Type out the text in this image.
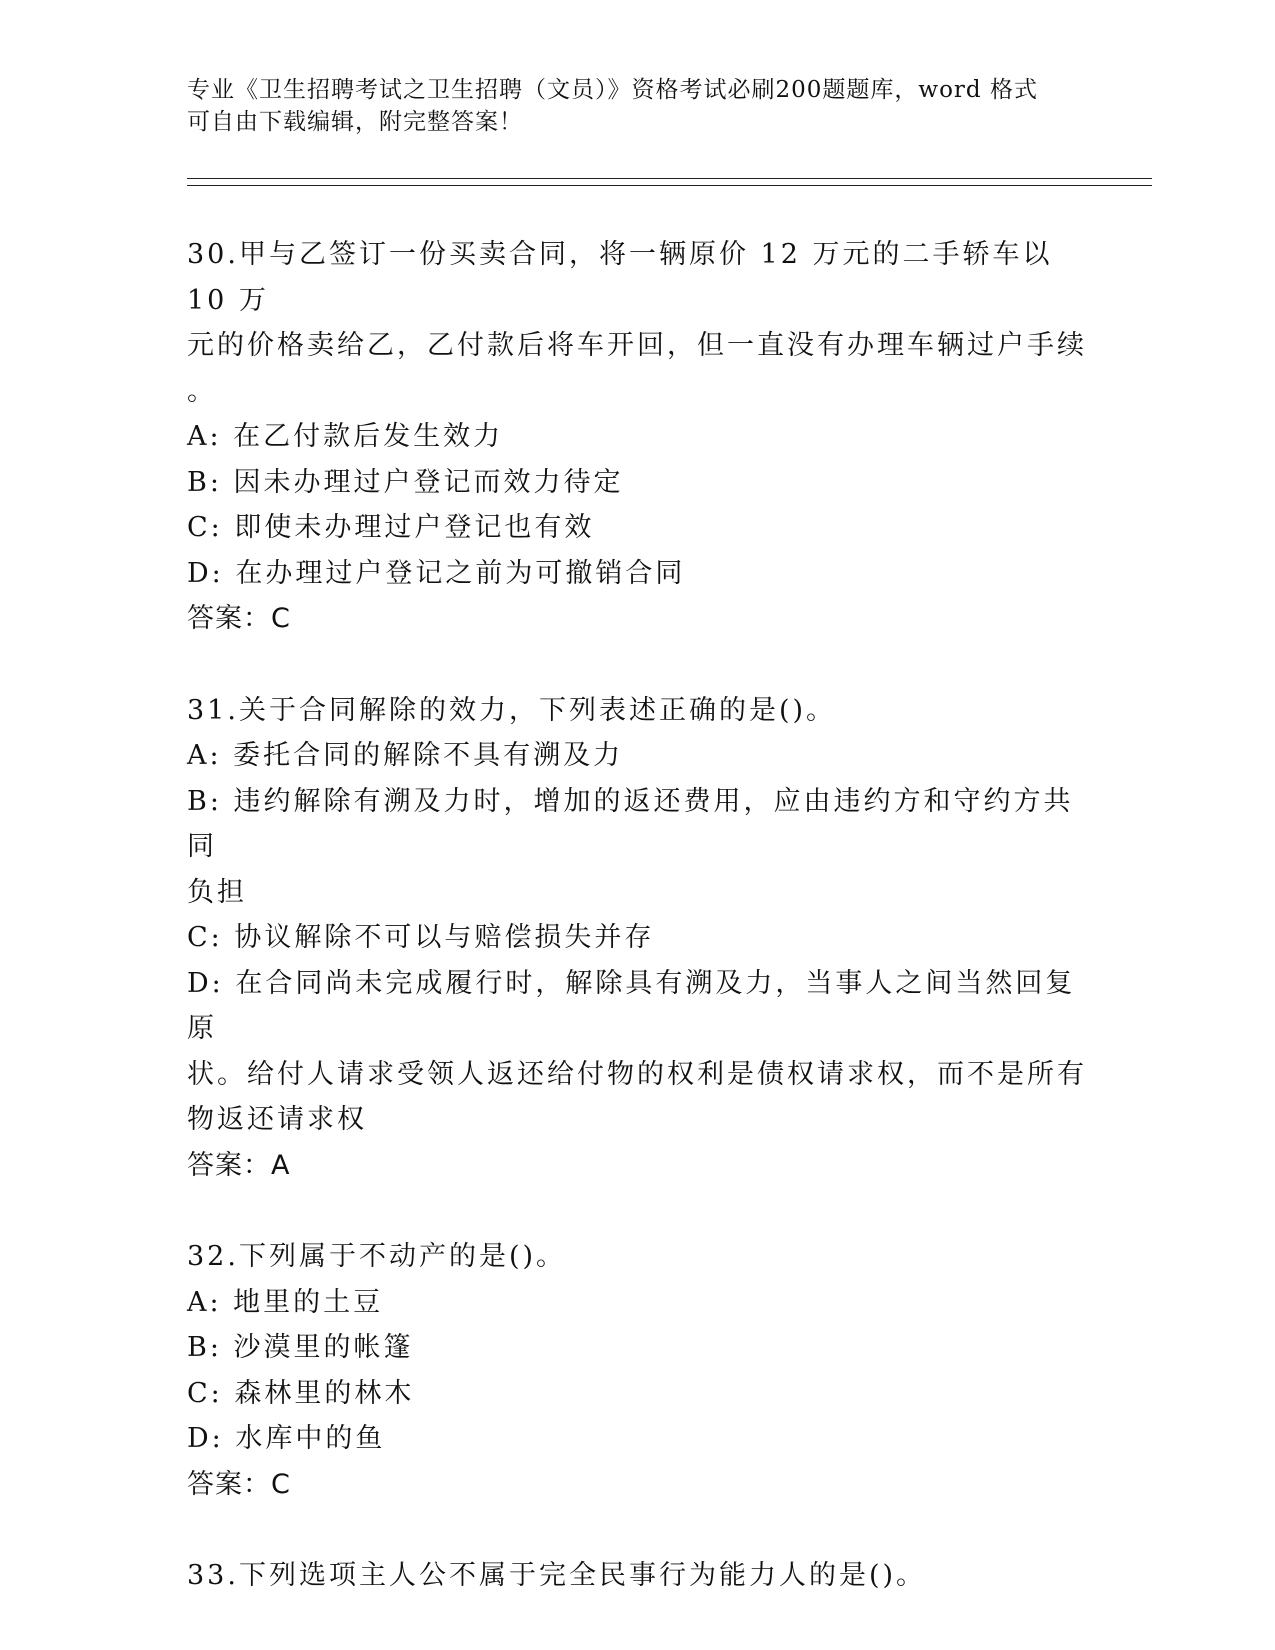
专业《卫生招聘考试之卫生招聘（文员）》资格考试必刷200题题库，word 格式
可自由下载编辑，附完整答案！
30.甲与乙签订一份买卖合同，将一辆原价 12 万元的二手轿车以 10 万
元的价格卖给乙，乙付款后将车开回，但一直没有办理车辆过户手续
。
A: 在乙付款后发生效力
B: 因未办理过户登记而效力待定
C: 即使未办理过户登记也有效
D: 在办理过户登记之前为可撤销合同
答案：C
31.关于合同解除的效力，下列表述正确的是()。
A: 委托合同的解除不具有溯及力
B: 违约解除有溯及力时，增加的返还费用，应由违约方和守约方共同
负担
C: 协议解除不可以与赔偿损失并存
D: 在合同尚未完成履行时，解除具有溯及力，当事人之间当然回复原
状。给付人请求受领人返还给付物的权利是债权请求权，而不是所有
物返还请求权
答案：A
32.下列属于不动产的是()。
A: 地里的土豆
B: 沙漠里的帐篷
C: 森林里的林木
D: 水库中的鱼
答案：C
33.下列选项主人公不属于完全民事行为能力人的是()。
